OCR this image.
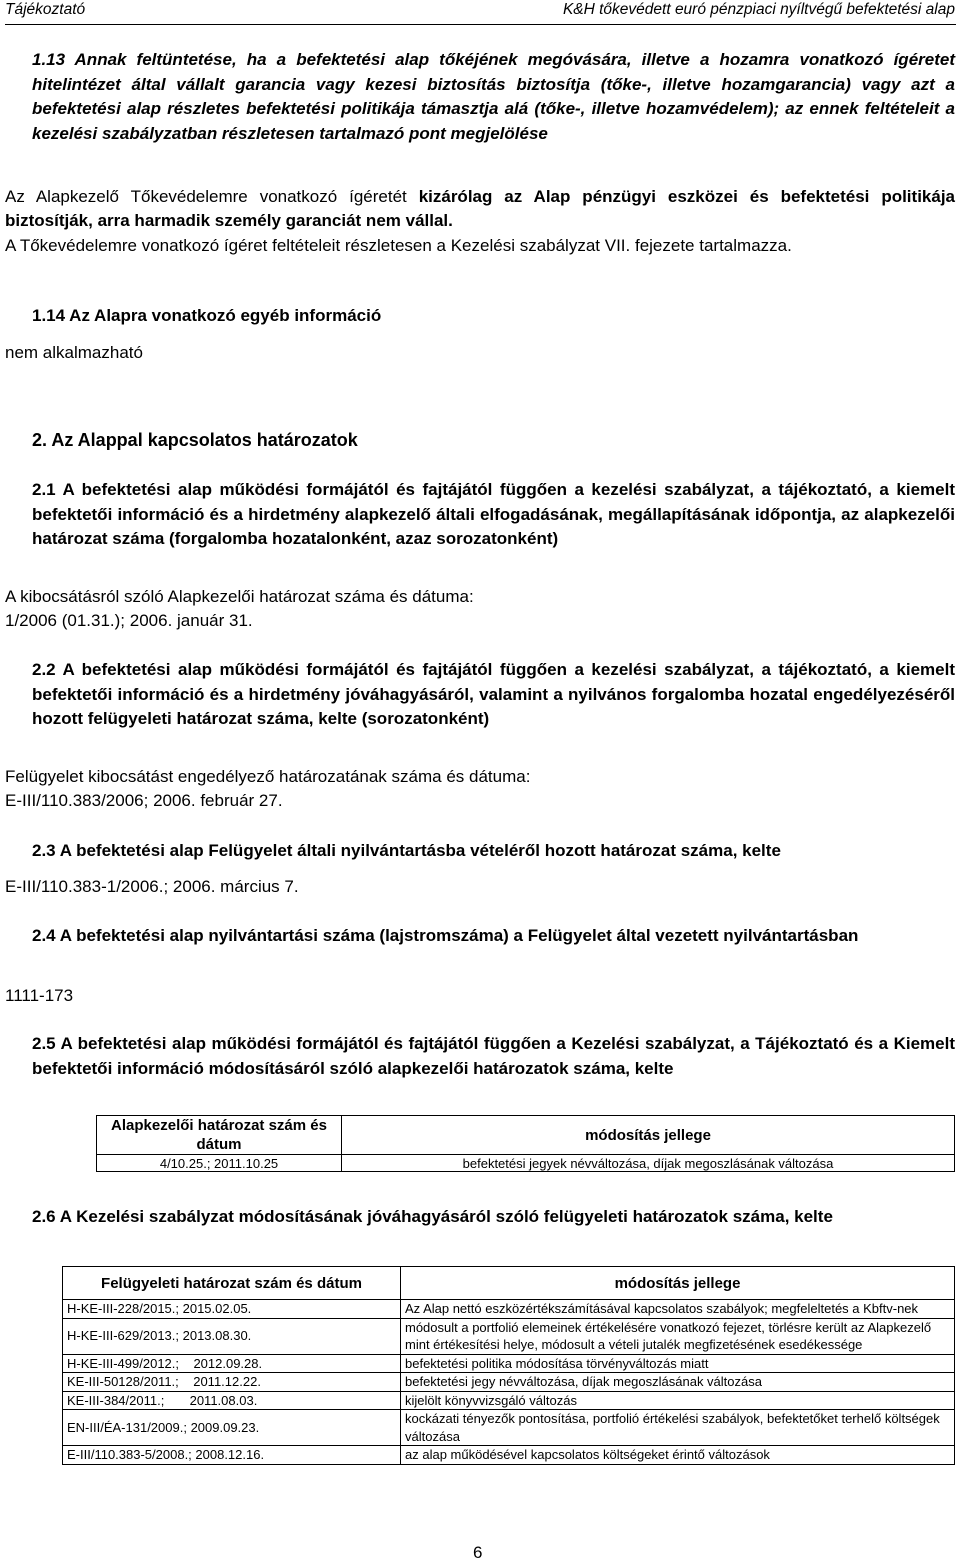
Tájékoztató	K&H tőkevédett euró pénzpiaci nyíltvégű befektetési alap
1.13 Annak feltüntetése, ha a befektetési alap tőkéjének megóvására, illetve a hozamra vonatkozó ígéretet hitelintézet által vállalt garancia vagy kezesi biztosítás biztosítja (tőke-, illetve hozamgarancia) vagy azt a befektetési alap részletes befektetési politikája támasztja alá (tőke-, illetve hozamvédelem); az ennek feltételeit a kezelési szabályzatban részletesen tartalmazó pont megjelölése
Az Alapkezelő Tőkevédelemre vonatkozó ígéretét kizárólag az Alap pénzügyi eszközei és befektetési politikája biztosítják, arra harmadik személy garanciát nem vállal.
A Tőkevédelemre vonatkozó ígéret feltételeit részletesen a Kezelési szabályzat VII. fejezete tartalmazza.
1.14 Az Alapra vonatkozó egyéb információ
nem alkalmazható
2. Az Alappal kapcsolatos határozatok
2.1 A befektetési alap működési formájától és fajtájától függően a kezelési szabályzat, a tájékoztató, a kiemelt befektetői információ és a hirdetmény alapkezelő általi elfogadásának, megállapításának időpontja, az alapkezelői határozat száma (forgalomba hozatalonként, azaz sorozatonként)
A kibocsátásról szóló Alapkezelői határozat száma és dátuma:
1/2006 (01.31.); 2006. január 31.
2.2 A befektetési alap működési formájától és fajtájától függően a kezelési szabályzat, a tájékoztató, a kiemelt befektetői információ és a hirdetmény jóváhagyásáról, valamint a nyilvános forgalomba hozatal engedélyezéséről hozott felügyeleti határozat száma, kelte (sorozatonként)
Felügyelet kibocsátást engedélyező határozatának száma és dátuma:
E-III/110.383/2006; 2006. február 27.
2.3 A befektetési alap Felügyelet általi nyilvántartásba vételéről hozott határozat száma, kelte
E-III/110.383-1/2006.; 2006. március 7.
2.4 A befektetési alap nyilvántartási száma (lajstromszáma) a Felügyelet által vezetett nyilvántartásban
1111-173
2.5 A befektetési alap működési formájától és fajtájától függően a Kezelési szabályzat, a Tájékoztató és a Kiemelt befektetői információ módosításáról szóló alapkezelői határozatok száma, kelte
Alapkezelői határozat szám és dátum	módosítás jellege
4/10.25.; 2011.10.25	befektetési jegyek névváltozása, díjak megoszlásának változása
2.6 A Kezelési szabályzat módosításának jóváhagyásáról szóló felügyeleti határozatok száma, kelte
Felügyeleti határozat szám és dátum	módosítás jellege
H-KE-III-228/2015.; 2015.02.05.	Az Alap nettó eszközértékszámításával kapcsolatos szabályok; megfeleltetés a Kbftv-nek
H-KE-III-629/2013.; 2013.08.30.	módosult a portfolió elemeinek értékelésére vonatkozó fejezet, törlésre került az Alapkezelő mint értékesítési helye, módosult a vételi jutalék megfizetésének esedékessége
H-KE-III-499/2012.;    2012.09.28.	befektetési politika módosítása törvényváltozás miatt
KE-III-50128/2011.;    2011.12.22.	befektetési jegy névváltozása, díjak megoszlásának változása
KE-III-384/2011.;       2011.08.03.	kijelölt könyvvizsgáló változás
EN-III/ÉA-131/2009.; 2009.09.23.	kockázati tényezők pontosítása, portfolió értékelési szabályok, befektetőket terhelő költségek változása
E-III/110.383-5/2008.; 2008.12.16.	az alap működésével kapcsolatos költségeket érintő változások
6
